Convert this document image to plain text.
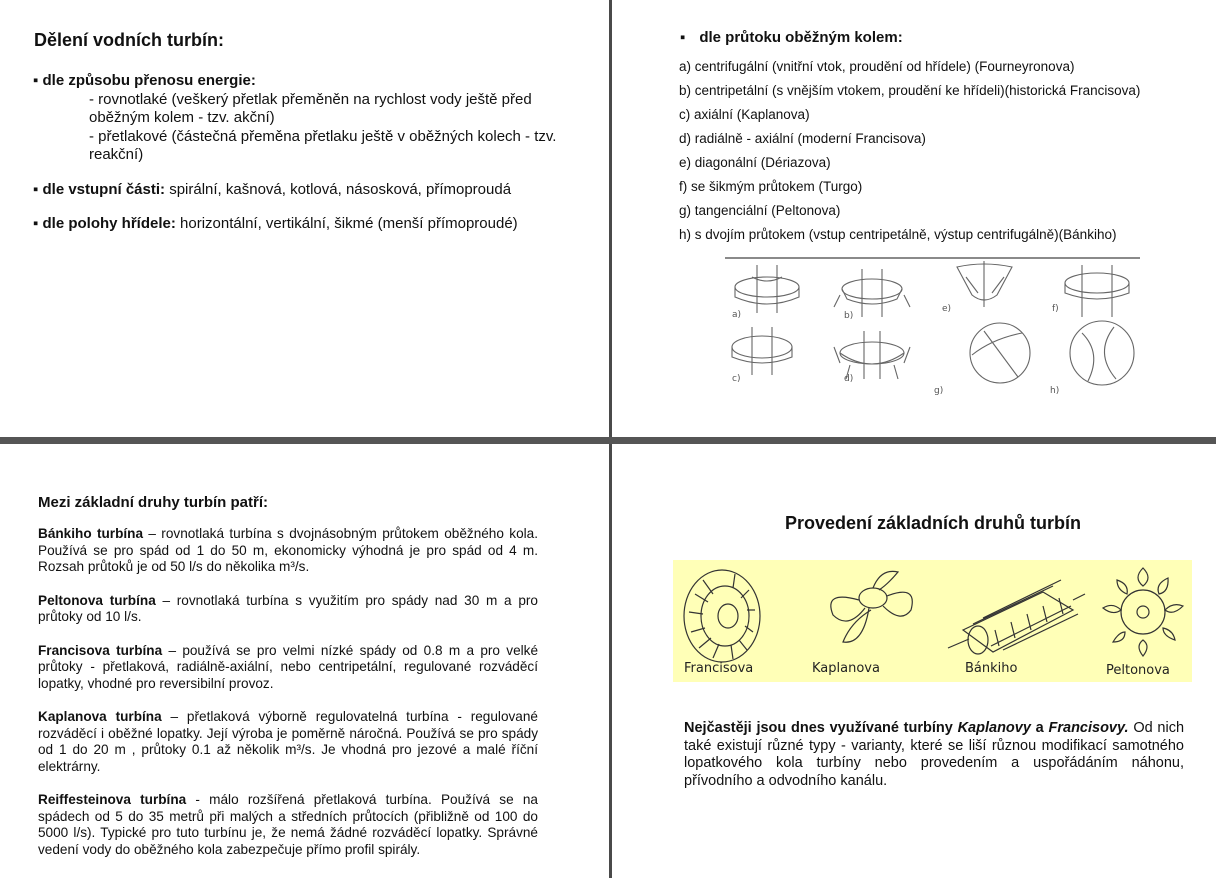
Dělení vodních turbín:
▪ dle způsobu přenosu energie:
- rovnotlaké (veškerý přetlak přeměněn na rychlost vody ještě před oběžným kolem - tzv. akční)
- přetlakové (částečná přeměna přetlaku ještě v oběžných kolech - tzv. reakční)
▪ dle vstupní části: spirální, kašnová, kotlová, násosková, přímoproudá
▪ dle polohy hřídele: horizontální, vertikální, šikmé (menší přímoproudé)
▪ dle průtoku oběžným kolem:
a) centrifugální (vnitřní vtok, proudění od hřídele) (Fourneyronova)
b) centripetální (s vnějším vtokem, proudění ke hřídeli)(historická Francisova)
c) axiální (Kaplanova)
d) radiálně - axiální (moderní Francisova)
e) diagonální (Dériazova)
f) se šikmým průtokem (Turgo)
g) tangenciální (Peltonova)
h) s dvojím průtokem (vstup centripetálně, výstup centrifugálně)(Bánkiho)
a)	b)
e)	f)
c)	d)
g)	h)
Mezi základní druhy turbín patří:
Bánkiho turbína – rovnotlaká turbína s dvojnásobným průtokem oběžného kola. Používá se pro spád od 1 do 50 m, ekonomicky výhodná je pro spád od 4 m. Rozsah průtoků je od 50 l/s do několika m³/s.
Peltonova turbína – rovnotlaká turbína s využitím pro spády nad 30 m a pro průtoky od 10 l/s.
Francisova turbína – používá se pro velmi nízké spády od 0.8 m a pro velké průtoky - přetlaková, radiálně-axiální, nebo centripetální, regulované rozváděcí lopatky, vhodné pro reversibilní provoz.
Kaplanova turbína – přetlaková výborně regulovatelná turbína - regulované rozváděcí i oběžné lopatky. Její výroba je poměrně náročná. Používá se pro spády od 1 do 20 m , průtoky 0.1 až několik m³/s. Je vhodná pro jezové a malé říční elektrárny.
Reiffesteinova turbína - málo rozšířená přetlaková turbína. Používá se na spádech od 5 do 35 metrů při malých a středních průtocích (přibližně od 100 do 5000 l/s). Typické pro tuto turbínu je, že nemá žádné rozváděcí lopatky. Správné vedení vody do oběžného kola zabezpečuje přímo profil spirály.
Provedení základních druhů turbín
Francisova	Kaplanova	Bánkiho	Peltonova
Nejčastěji jsou dnes využívané turbíny Kaplanovy a Francisovy. Od nich také existují různé typy - varianty, které se liší různou modifikací samotného lopatkového kola turbíny nebo provedením a uspořádáním náhonu, přívodního a odvodního kanálu.
